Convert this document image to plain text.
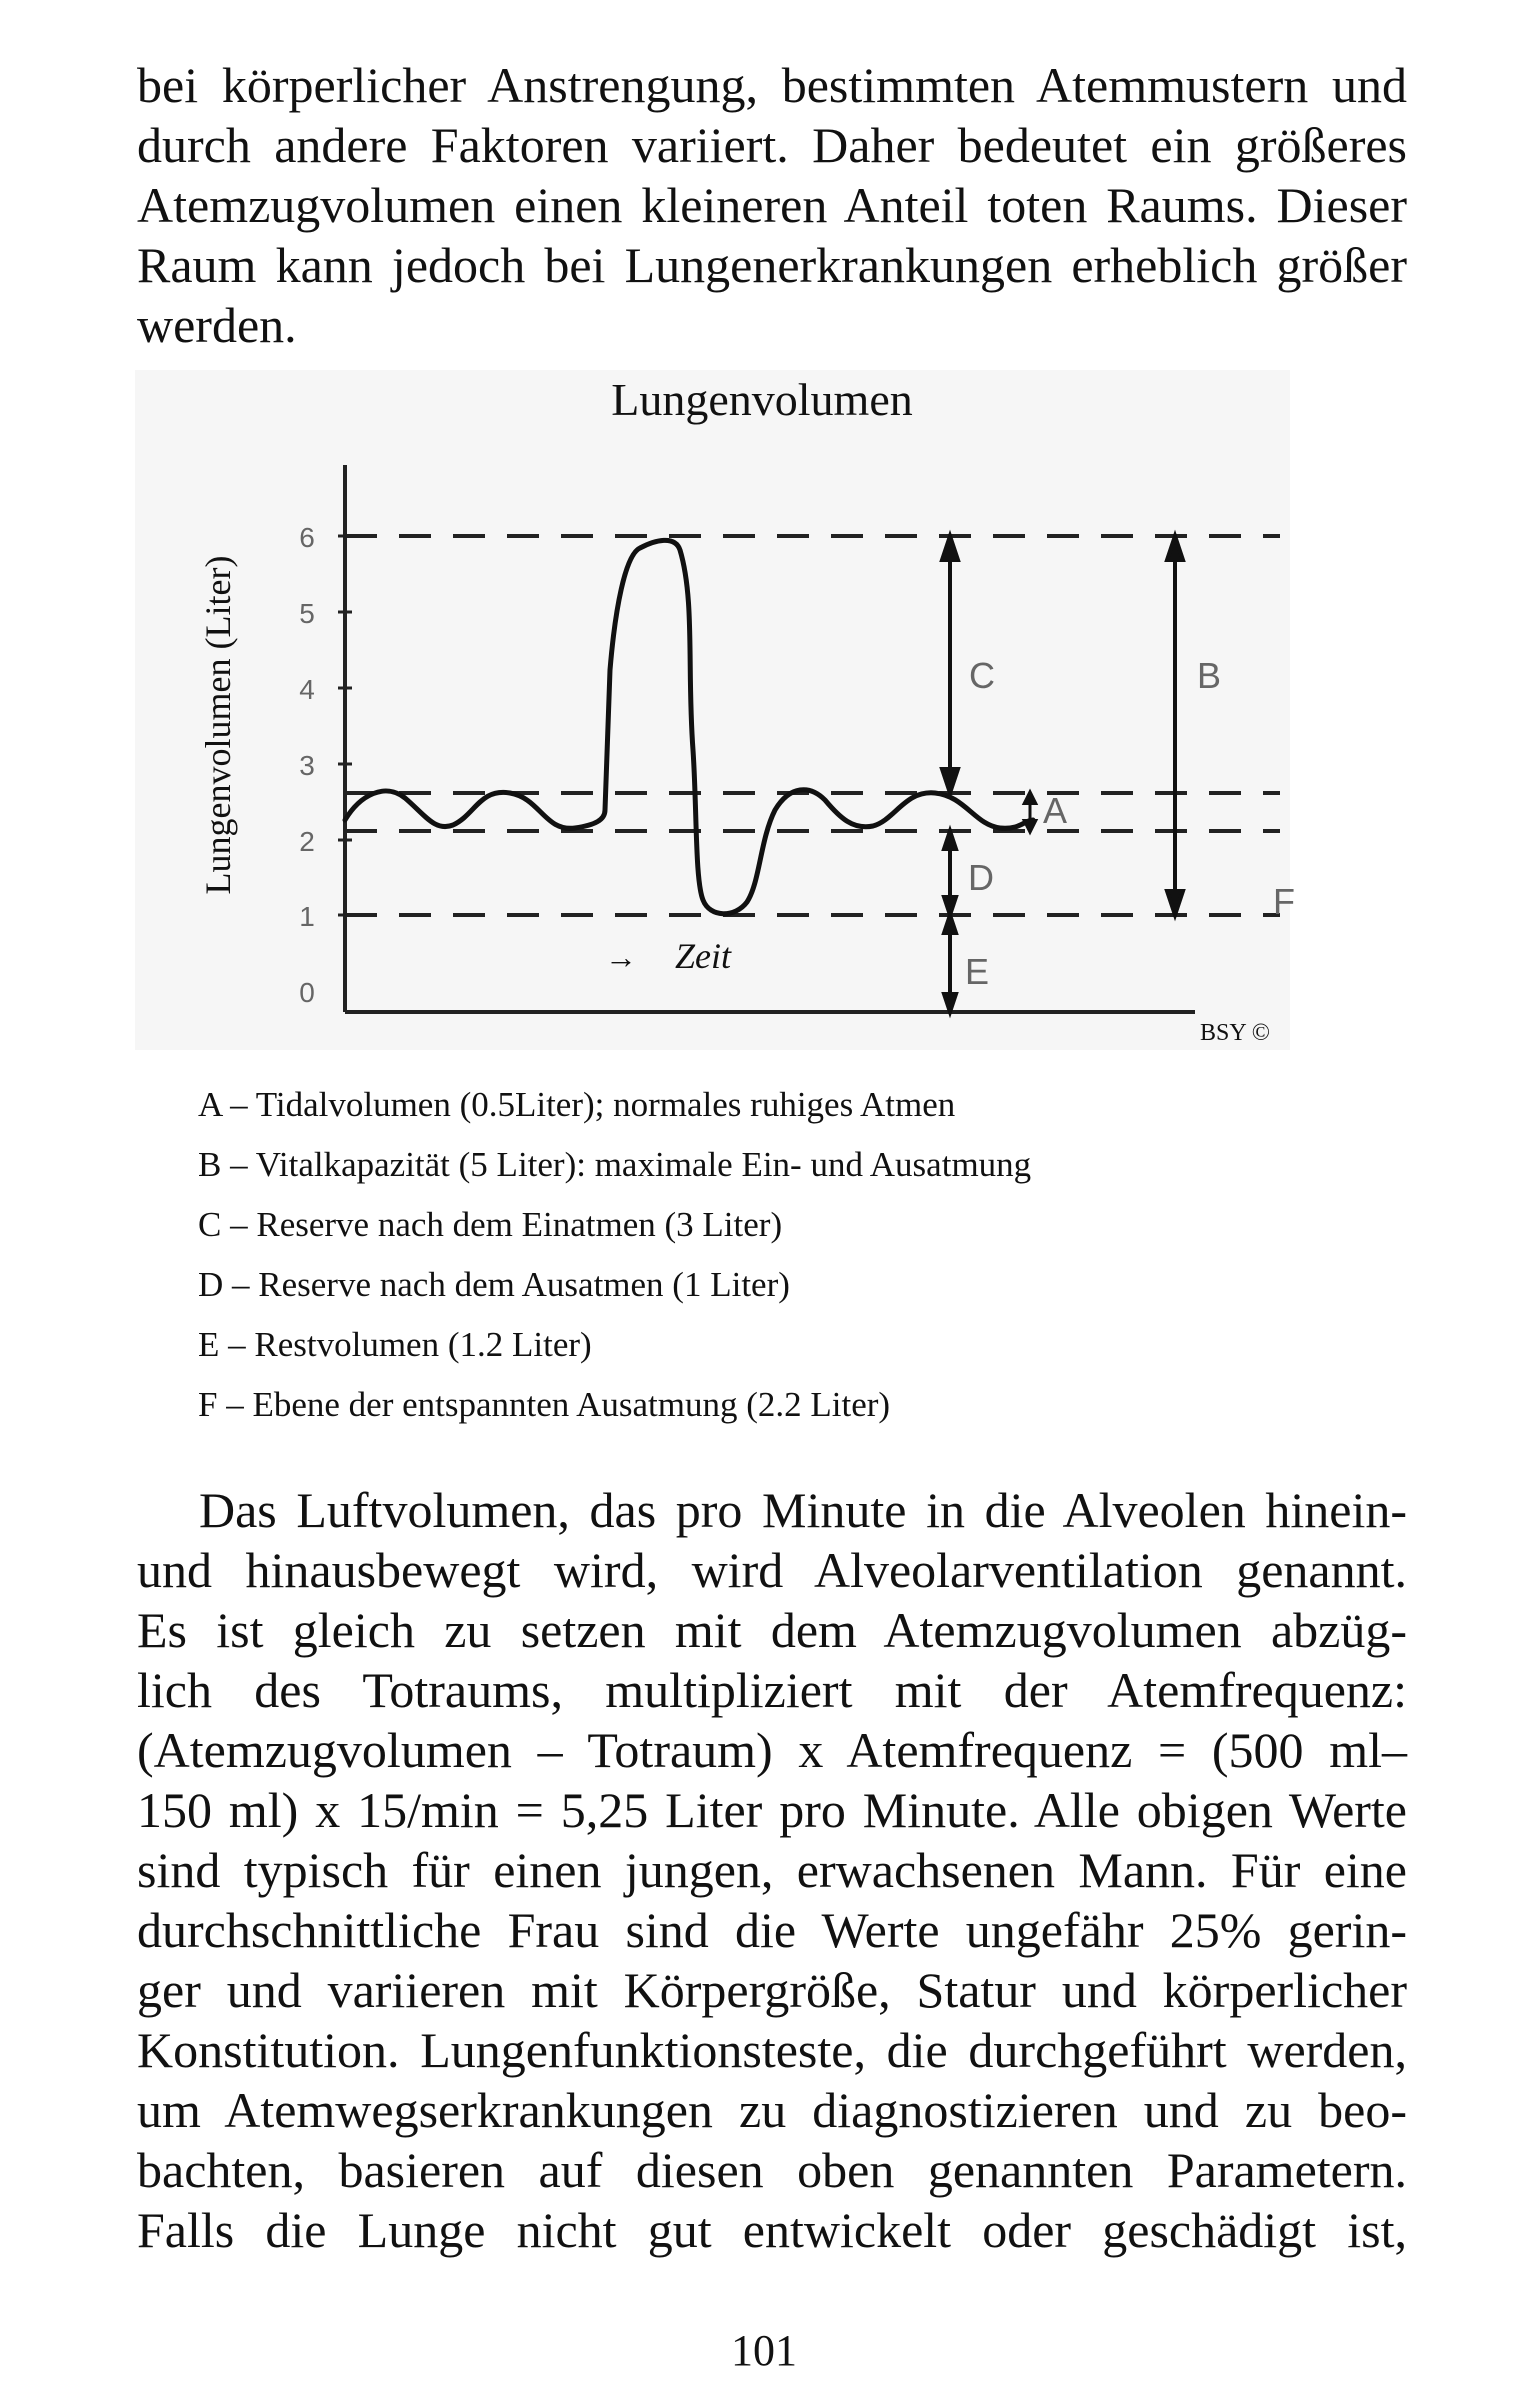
bei körperlicher Anstrengung, bestimmten Atemmustern und
durch andere Faktoren variiert. Daher bedeutet ein größeres
Atemzugvolumen einen kleineren Anteil toten Raums. Dieser
Raum kann jedoch bei Lungenerkrankungen erheblich größer
werden.

Lungenvolumen
Lungenvolumen (Liter)
0
1
2
3
4
5
6
C	B
A
D
E
F
→ Zeit
BSY ©
A – Tidalvolumen (0.5Liter); normales ruhiges Atmen
B – Vitalkapazität (5 Liter): maximale Ein- und Ausatmung
C – Reserve nach dem Einatmen (3 Liter)
D – Reserve nach dem Ausatmen (1 Liter)
E – Restvolumen (1.2 Liter)
F – Ebene der entspannten Ausatmung (2.2 Liter)

Das Luftvolumen, das pro Minute in die Alveolen hinein-
und hinausbewegt wird, wird Alveolarventilation genannt.
Es ist gleich zu setzen mit dem Atemzugvolumen abzüg-
lich des Totraums, multipliziert mit der Atemfrequenz:
(Atemzugvolumen – Totraum) x Atemfrequenz = (500 ml–
150 ml) x 15/min = 5,25 Liter pro Minute. Alle obigen Werte
sind typisch für einen jungen, erwachsenen Mann. Für eine
durchschnittliche Frau sind die Werte ungefähr 25% gerin-
ger und variieren mit Körpergröße, Statur und körperlicher
Konstitution. Lungenfunktionsteste, die durchgeführt werden,
um Atemwegserkrankungen zu diagnostizieren und zu beo-
bachten, basieren auf diesen oben genannten Parametern.
Falls die Lunge nicht gut entwickelt oder geschädigt ist,

101
